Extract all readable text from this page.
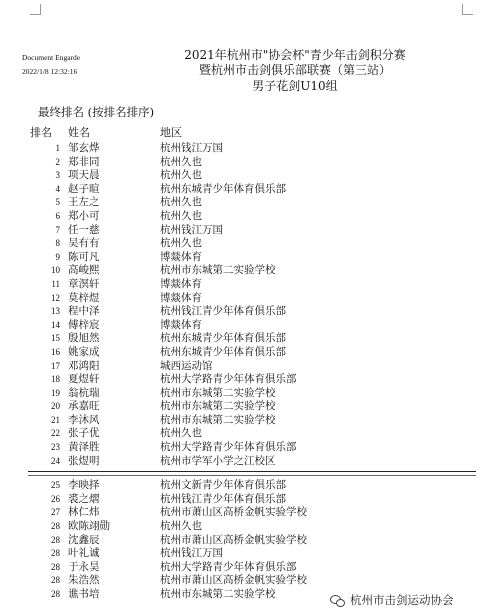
Document Engarde
2022/1/8 12:32:16
2021年杭州市"协会杯"青少年击剑积分赛
暨杭州市击剑俱乐部联赛（第三站）
男子花剑U10组
最终排名 (按排名排序)
排名 姓名	地区
1 邹玄烨	杭州钱江万国
2 郑非同	杭州久也
3 项天晨	杭州久也
4 赵子暄	杭州东城青少年体育俱乐部
5 王左之	杭州久也
6 郑小可	杭州久也
7 任一慈	杭州钱江万国
8 吴有有	杭州久也
9 陈可凡	博燚体育
10 高峻熙	杭州市东城第二实验学校
11 章溟轩	博燚体育
12 莫梓煜	博燚体育
13 程中泽	杭州钱江青少年体育俱乐部
14 傅梓宸	博燚体育
15 殷旭然	杭州东城青少年体育俱乐部
16 姚家成	杭州东城青少年体育俱乐部
17 邓鸿阳	城西运动馆
18 夏煜轩	杭州大学路青少年体育俱乐部
19 翁杭瑞	杭州市东城第二实验学校
20 承嘉旺	杭州市东城第二实验学校
21 李沐风	杭州市东城第二实验学校
22 张子优	杭州久也
23 黄泽胜	杭州大学路青少年体育俱乐部
24 张煜明	杭州市学军小学之江校区
25 李映择	杭州文新青少年体育俱乐部
26 裘之熠	杭州钱江青少年体育俱乐部
27 林仁炜	杭州市萧山区高桥金帆实验学校
28 欧陈翊勋	杭州久也
28 沈鑫辰	杭州市萧山区高桥金帆实验学校
28 叶礼诚	杭州钱江万国
28 于永昊	杭州大学路青少年体育俱乐部
28 朱浩然	杭州市萧山区高桥金帆实验学校
28 谯书培	杭州市东城第二实验学校	杭州市击剑运动协会
